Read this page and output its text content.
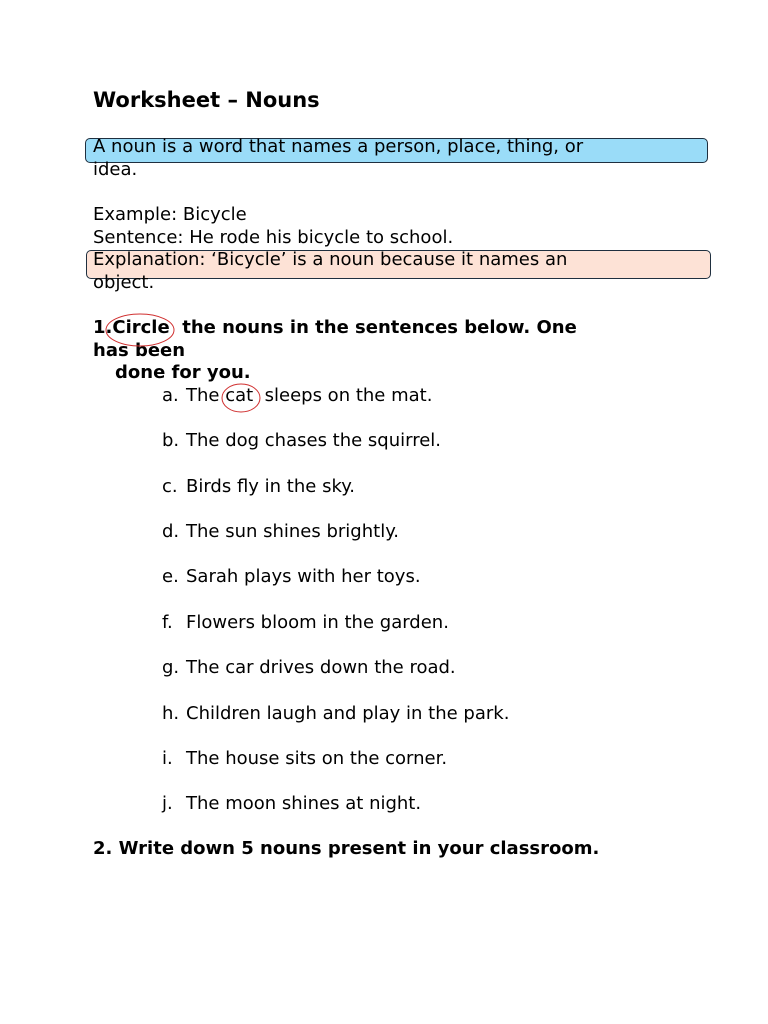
Worksheet – Nouns
A noun is a word that names a person, place, thing, or
idea.
Example: Bicycle
Sentence: He rode his bicycle to school.
Explanation: ‘Bicycle’ is a noun because it names an
object.
1.Circle  the nouns in the sentences below. One
has been
done for you.
a. The cat  sleeps on the mat.
b. The dog chases the squirrel.
c. Birds fly in the sky.
d. The sun shines brightly.
e. Sarah plays with her toys.
f. Flowers bloom in the garden.
g. The car drives down the road.
h. Children laugh and play in the park.
i. The house sits on the corner.
j. The moon shines at night.
2. Write down 5 nouns present in your classroom.
